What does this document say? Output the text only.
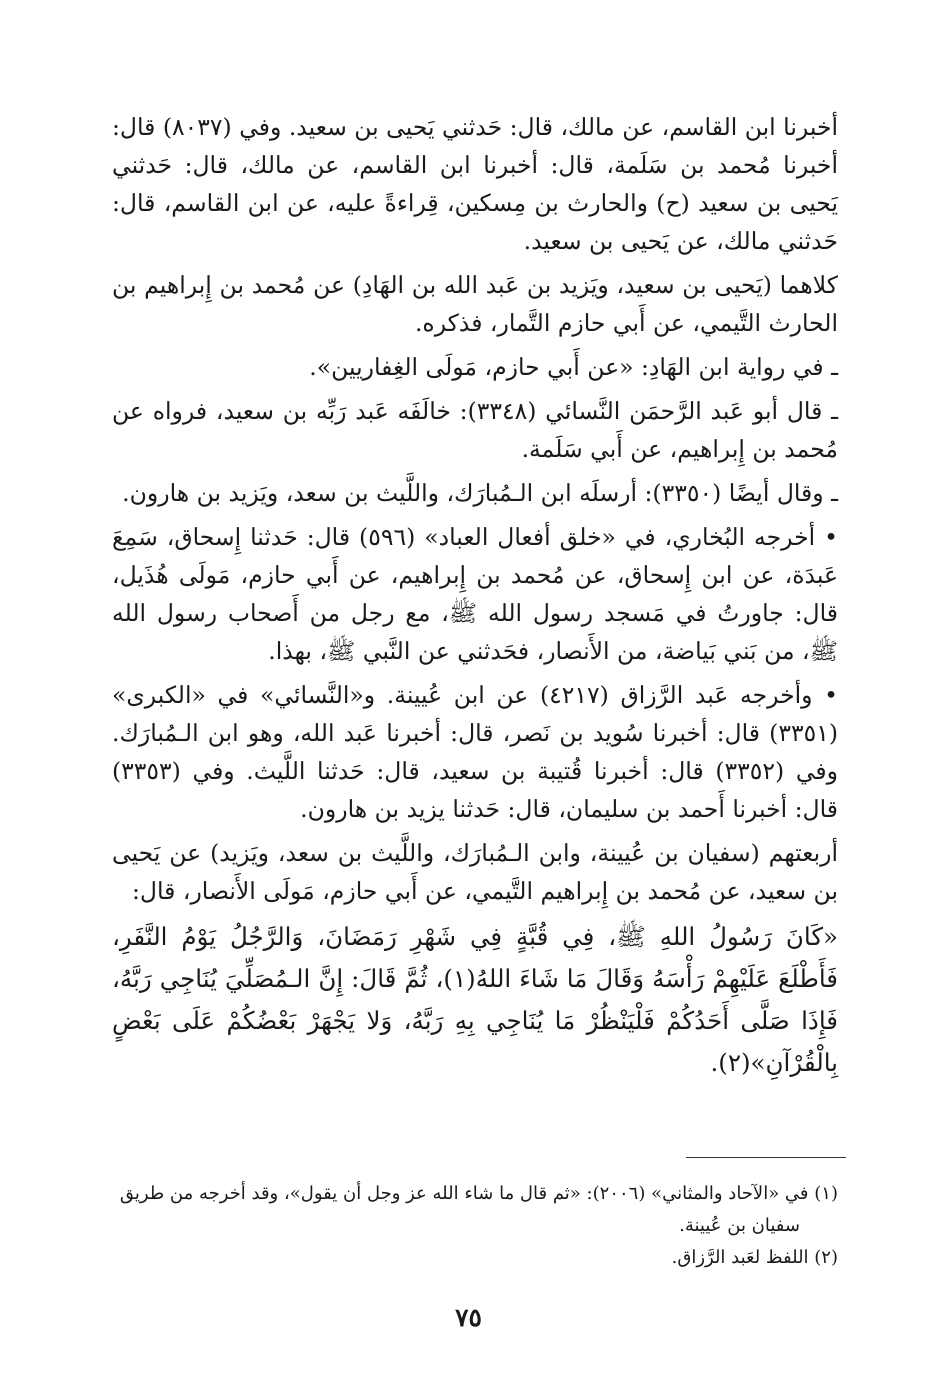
أخبرنا ابن القاسم، عن مالك، قال: حَدثني يَحيى بن سعيد. وفي (٨٠٣٧) قال: أخبرنا مُحمد بن سَلَمة، قال: أخبرنا ابن القاسم، عن مالك، قال: حَدثني يَحيى بن سعيد (ح) والحارث بن مِسكين، قِراءةً عليه، عن ابن القاسم، قال: حَدثني مالك، عن يَحيى بن سعيد.

كلاهما (يَحيى بن سعيد، ويَزيد بن عَبد الله بن الهَادِ) عن مُحمد بن إِبراهيم بن الحارث التَّيمي، عن أَبي حازم التَّمار، فذكره.

ـ في رواية ابن الهَادِ: «عن أَبي حازم، مَولَى الغِفاريين».

ـ قال أبو عَبد الرَّحمَن النَّسائي (٣٣٤٨): خالَفَه عَبد رَبِّه بن سعيد، فرواه عن مُحمد بن إِبراهيم، عن أَبي سَلَمة.

ـ وقال أيضًا (٣٣٥٠): أرسلَه ابن الـمُبارَك، واللَّيث بن سعد، ويَزيد بن هارون.

• أخرجه البُخاري، في «خلق أفعال العباد» (٥٩٦) قال: حَدثنا إِسحاق، سَمِعَ عَبدَة، عن ابن إِسحاق، عن مُحمد بن إِبراهيم، عن أَبي حازم، مَولَى هُذَيل، قال: جاورتُ في مَسجد رسول الله ﷺ، مع رجل من أَصحاب رسول الله ﷺ، من بَني بَياضة، من الأَنصار، فحَدثني عن النَّبي ﷺ، بهذا.

• وأخرجه عَبد الرَّزاق (٤٢١٧) عن ابن عُيينة. و«النَّسائي» في «الكبرى» (٣٣٥١) قال: أخبرنا سُويد بن نَصر، قال: أخبرنا عَبد الله، وهو ابن الـمُبارَك. وفي (٣٣٥٢) قال: أخبرنا قُتيبة بن سعيد، قال: حَدثنا اللَّيث. وفي (٣٣٥٣) قال: أخبرنا أَحمد بن سليمان، قال: حَدثنا يزيد بن هارون.

أربعتهم (سفيان بن عُيينة، وابن الـمُبارَك، واللَّيث بن سعد، ويَزيد) عن يَحيى بن سعيد، عن مُحمد بن إِبراهيم التَّيمي، عن أَبي حازم، مَولَى الأَنصار، قال:

«كَانَ رَسُولُ اللهِ ﷺ، فِي قُبَّةٍ فِي شَهْرِ رَمَضَانَ، وَالرَّجُلُ يَوْمُ النَّفَرِ، فَأَطْلَعَ عَلَيْهِمْ رَأْسَهُ وَقَالَ مَا شَاءَ اللهُ(١)، ثُمَّ قَالَ: إِنَّ الـمُصَلِّيَ يُنَاجِي رَبَّهُ، فَإِذَا صَلَّى أَحَدُكُمْ فَلْيَنْظُرْ مَا يُنَاجِي بِهِ رَبَّهُ، وَلا يَجْهَرْ بَعْضُكُمْ عَلَى بَعْضٍ بِالْقُرْآنِ»(٢).

(١) في «الآحاد والمثاني» (٢٠٠٦): «ثم قال ما شاء الله عز وجل أن يقول»، وقد أخرجه من طريق

سفيان بن عُيينة.

(٢) اللفظ لعَبد الرَّزاق.

٧٥
